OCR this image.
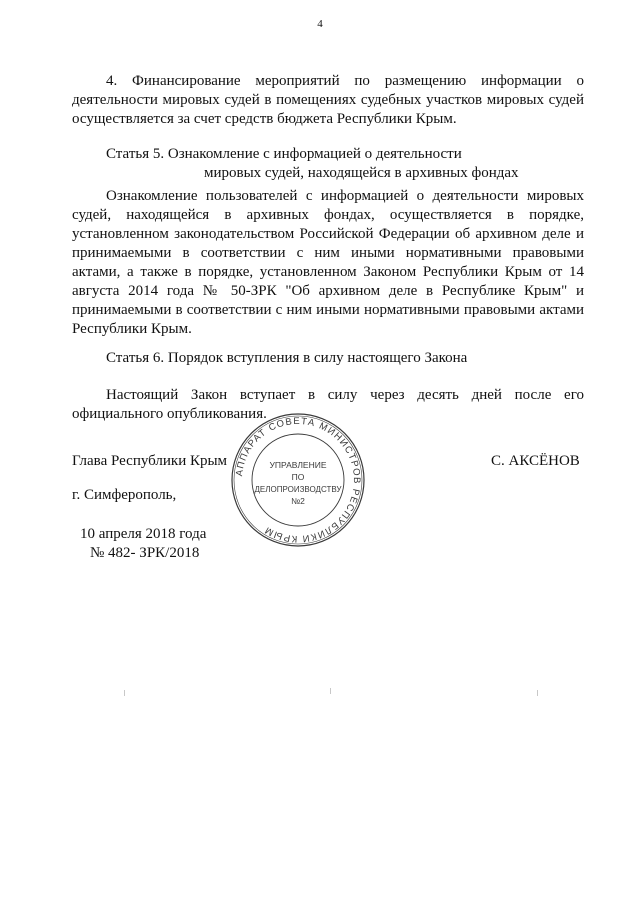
4

4. Финансирование мероприятий по размещению информации о деятельности мировых судей в помещениях судебных участков мировых судей осуществляется за счет средств бюджета Республики Крым.

Статья 5. Ознакомление с информацией о деятельности
мировых судей, находящейся в архивных фондах

Ознакомление пользователей с информацией о деятельности мировых судей, находящейся в архивных фондах, осуществляется в порядке, установленном законодательством Российской Федерации об архивном деле и принимаемыми в соответствии с ним иными нормативными правовыми актами, а также в порядке, установленном Законом Республики Крым от 14 августа 2014 года № 50-ЗРК "Об архивном деле в Республике Крым" и принимаемыми в соответствии с ним иными нормативными правовыми актами Республики Крым.

Статья 6. Порядок вступления в силу настоящего Закона

Настоящий Закон вступает в силу через десять дней после его официального опубликования.

АППАРАТ СОВЕТА МИНИСТРОВ РЕСПУБЛИКИ КРЫМ
УПРАВЛЕНИЕ
ПО
ДЕЛОПРОИЗВОДСТВУ
№2
Глава Республики Крым	С. АКСЁНОВ
г. Симферополь,
10 апреля 2018 года
№ 482- ЗРК/2018
